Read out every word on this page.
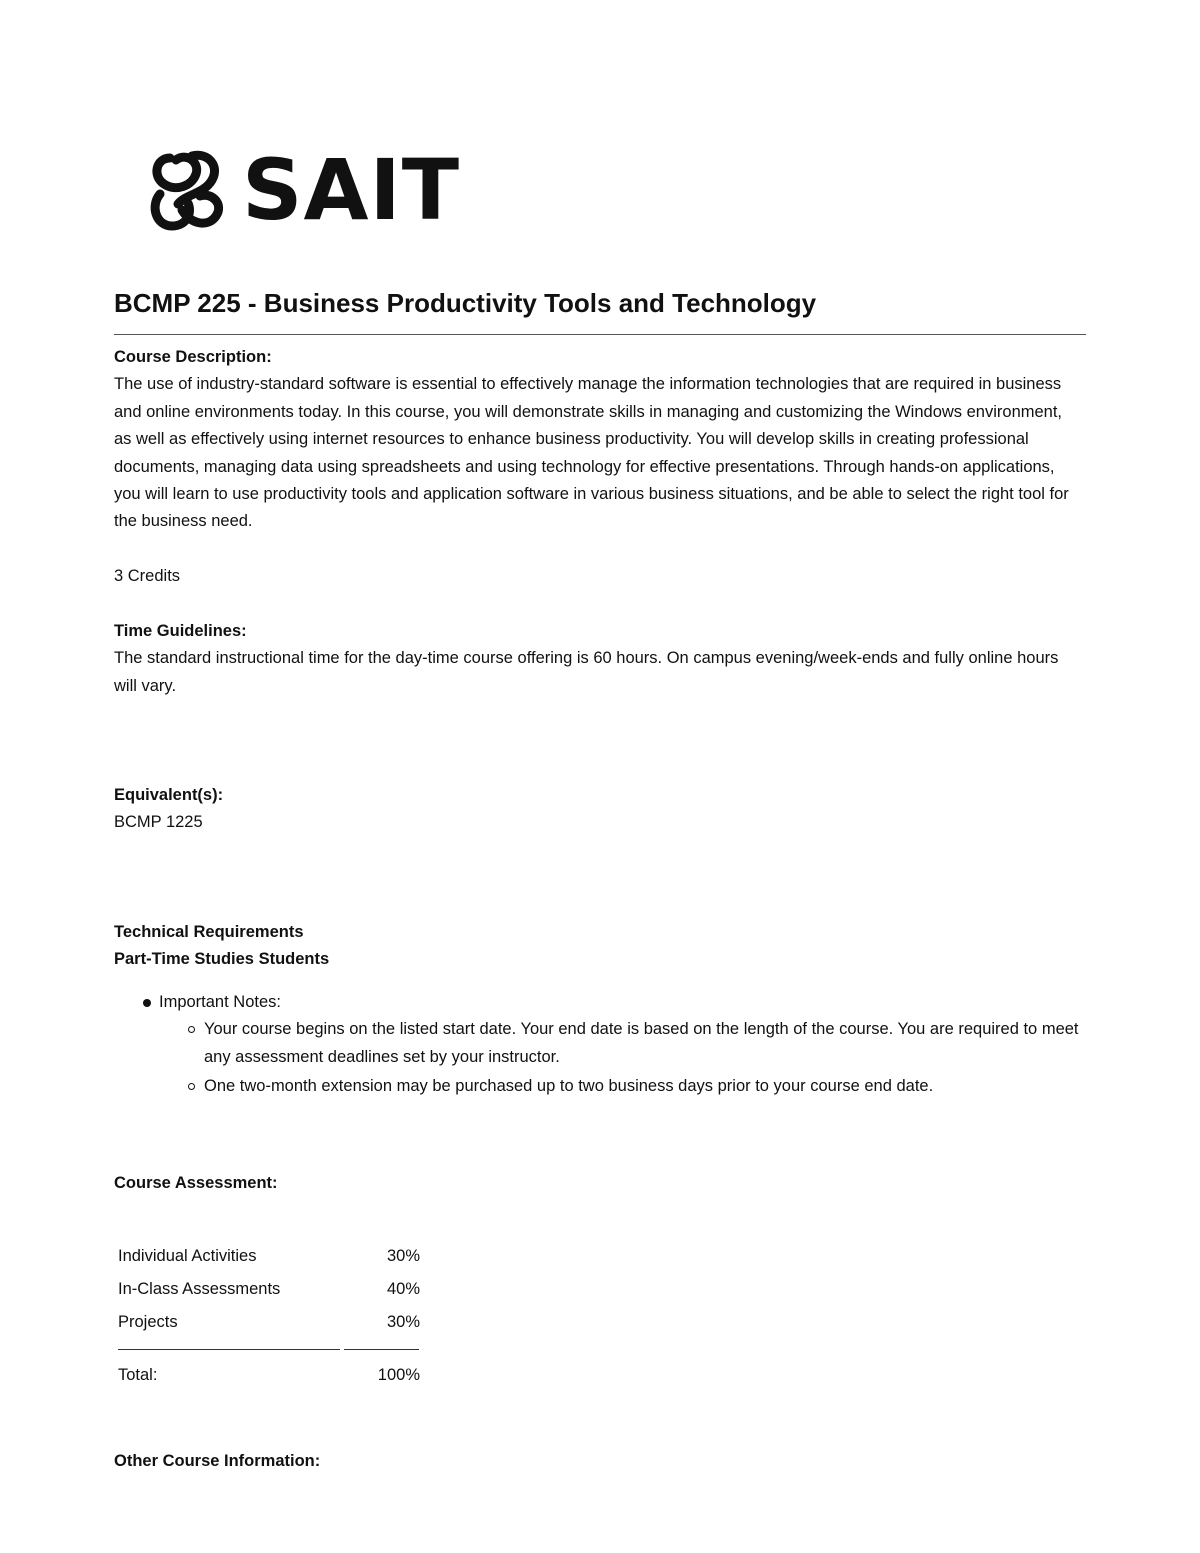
SAIT
BCMP 225 - Business Productivity Tools and Technology
Course Description:

The use of industry-standard software is essential to effectively manage the information technologies that are required in business and online environments today. In this course, you will demonstrate skills in managing and customizing the Windows environment, as well as effectively using internet resources to enhance business productivity. You will develop skills in creating professional documents, managing data using spreadsheets and using technology for effective presentations. Through hands-on applications, you will learn to use productivity tools and application software in various business situations, and be able to select the right tool for the business need.

3 Credits
Time Guidelines:

The standard instructional time for the day-time course offering is 60 hours. On campus evening/week-ends and fully online hours will vary.

Equivalent(s):
BCMP 1225
Technical Requirements
Part-Time Studies Students
Important Notes:
Your course begins on the listed start date. Your end date is based on the length of the course. You are required to meet any assessment deadlines set by your instructor.
One two-month extension may be purchased up to two business days prior to your course end date.
Course Assessment:
Individual Activities	30%
In-Class Assessments	40%
Projects	30%
Total:	100%
Other Course Information:
